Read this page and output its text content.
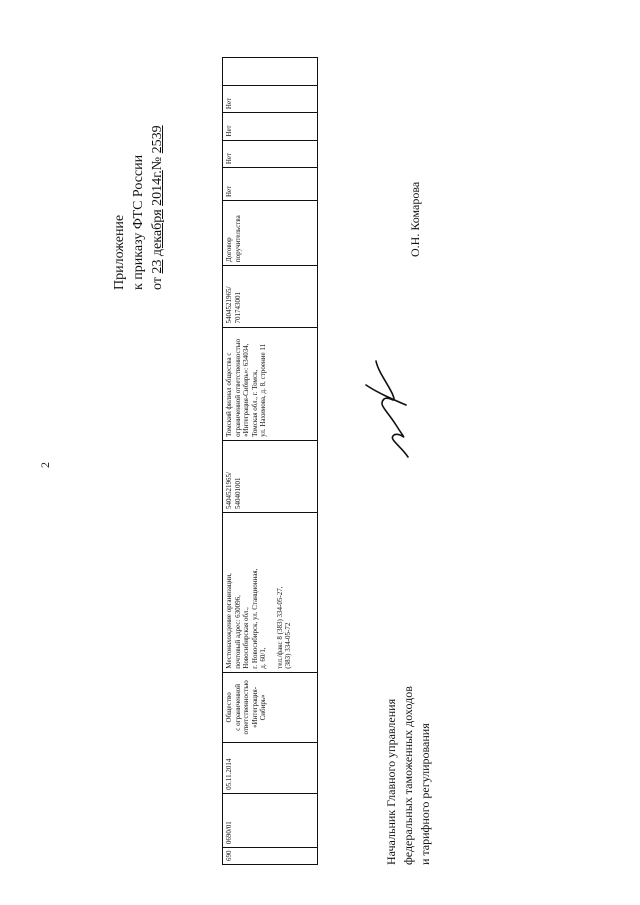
2
Приложение к приказу ФТС России от 23 декабря 2014г.№ 2539
690
0690/01
05.11.2014

Общество с ограниченной ответственностью «Интеграция- Сибирь»

Местонахождение организации, почтовый адрес: 630096, Новосибирская обл., г. Новосибирск, ул. Станционная, д. 60/1, тел./факс 8 (383) 334-05-27, (383) 334-05-72

5404521965/ 540401001

Томский филиал общества с ограниченной ответственностью «Интеграция-Сибирь»: 634034, Томская обл., г. Томск, ул. Нахимова, д. 8, строение 11

5404521965/ 701743001

Договор поручительства

Нет
Нет
Нет
Нет
Начальник Главного управления федеральных таможенных доходов и тарифного регулирования
О.Н. Комарова
